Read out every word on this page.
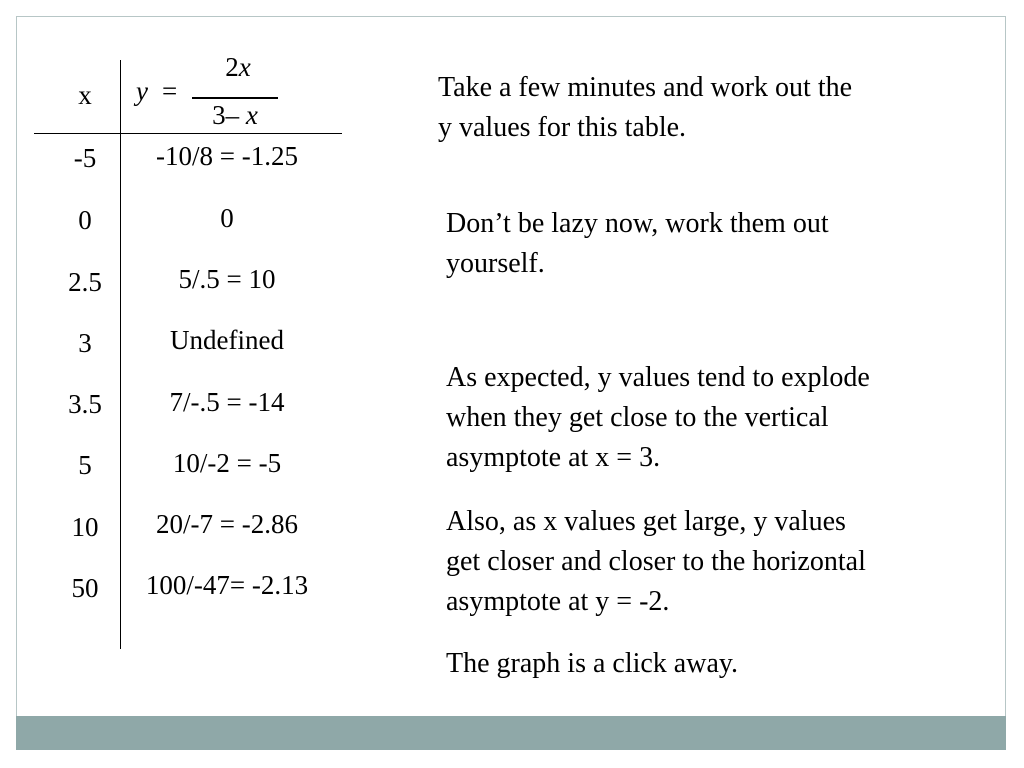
x	y =
2x
3– x
-5	-10/8 = -1.25
0	0
2.5	5/.5 = 10
3	Undefined
3.5	7/-.5 = -14
5	10/-2 = -5
10	20/-7 = -2.86
50	100/-47= -2.13
Take a few minutes and work out the
y values for this table.
Don’t be lazy now, work them out
yourself.
As expected, y values tend to explode
when they get close to the vertical
asymptote at x = 3.
Also, as x values get large, y values
get closer and closer to the horizontal
asymptote at y = -2.
The graph is a click away.
